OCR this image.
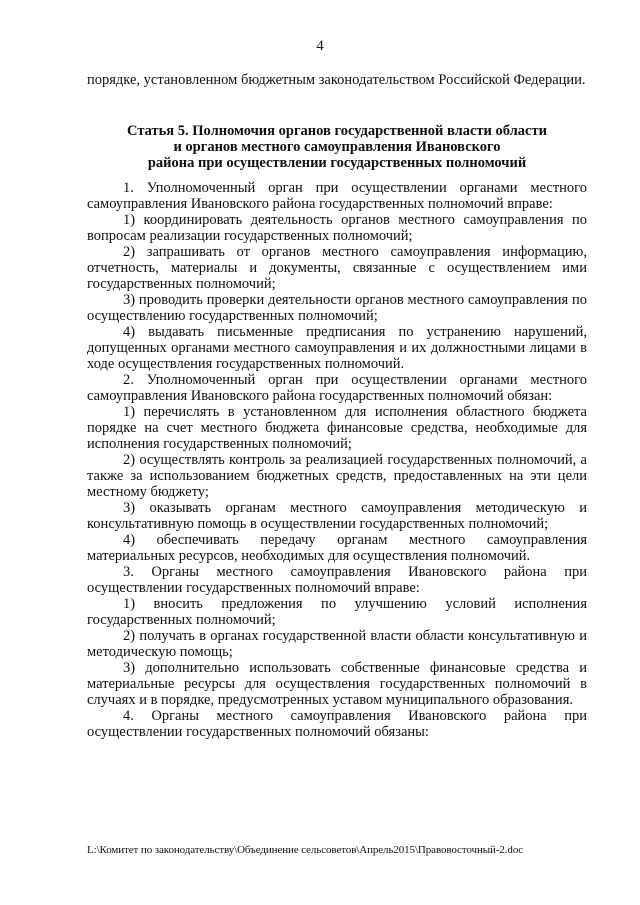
4

порядке, установленном бюджетным законодательством Российской Федерации.

Статья 5. Полномочия органов государственной власти области
и органов местного самоуправления Ивановского
района при осуществлении государственных полномочий

1. Уполномоченный орган при осуществлении органами местного самоуправления Ивановского района государственных полномочий вправе:

1) координировать деятельность органов местного самоуправления по вопросам реализации государственных полномочий;

2) запрашивать от органов местного самоуправления информацию, отчетность, материалы и документы, связанные с осуществлением ими государственных полномочий;

3) проводить проверки деятельности органов местного самоуправления по осуществлению государственных полномочий;

4) выдавать письменные предписания по устранению нарушений, допущенных органами местного самоуправления и их должностными лицами в ходе осуществления государственных полномочий.

2. Уполномоченный орган при осуществлении органами местного самоуправления Ивановского района государственных полномочий обязан:

1) перечислять в установленном для исполнения областного бюджета порядке на счет местного бюджета финансовые средства, необходимые для исполнения государственных полномочий;

2) осуществлять контроль за реализацией государственных полномочий, а также за использованием бюджетных средств, предоставленных на эти цели местному бюджету;

3) оказывать органам местного самоуправления методическую и консультативную помощь в осуществлении государственных полномочий;

4) обеспечивать передачу органам местного самоуправления материальных ресурсов, необходимых для осуществления полномочий.

3. Органы местного самоуправления Ивановского района при осуществлении государственных полномочий вправе:

1) вносить предложения по улучшению условий исполнения государственных полномочий;

2) получать в органах государственной власти области консультативную и методическую помощь;

3) дополнительно использовать собственные финансовые средства и материальные ресурсы для осуществления государственных полномочий в случаях и в порядке, предусмотренных уставом муниципального образования.

4. Органы местного самоуправления Ивановского района при осуществлении государственных полномочий обязаны:

L:\Комитет по законодательству\Объединение сельсоветов\Апрель2015\Правовосточный-2.doc
